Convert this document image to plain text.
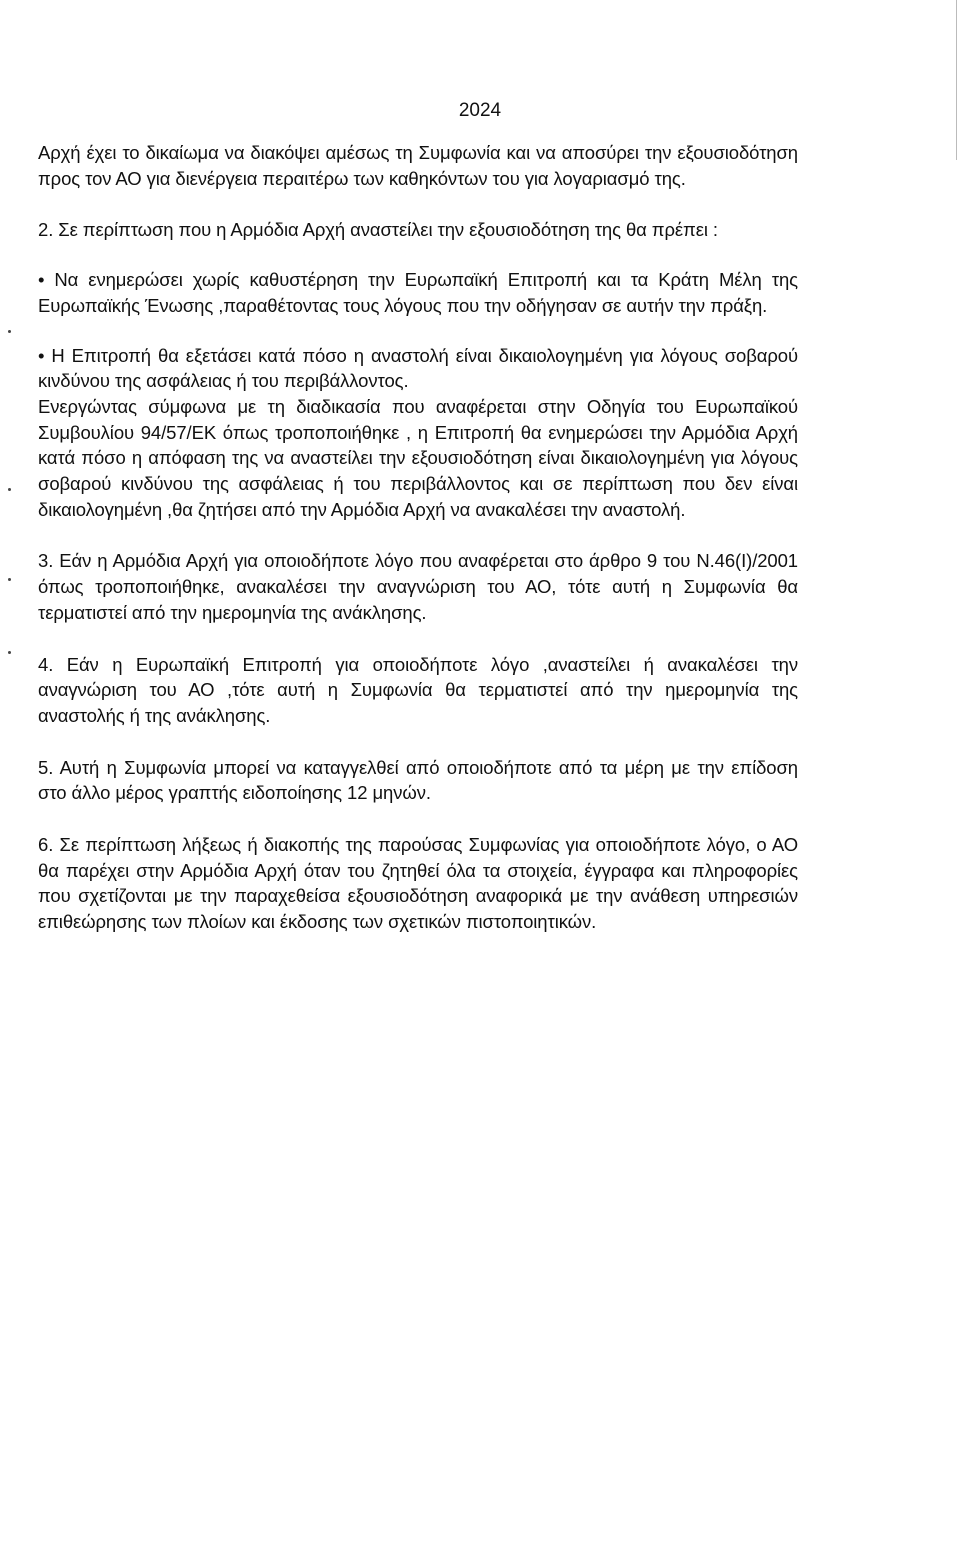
2024

Αρχή έχει το δικαίωμα να διακόψει αμέσως τη Συμφωνία και να αποσύρει την εξουσιοδότηση προς τον ΑΟ για διενέργεια περαιτέρω των καθηκόντων του για λογαριασμό της.

2. Σε περίπτωση που η Αρμόδια Αρχή αναστείλει την εξουσιοδότηση της θα πρέπει :

• Να ενημερώσει χωρίς καθυστέρηση την Ευρωπαϊκή Επιτροπή και τα Κράτη Μέλη της Ευρωπαϊκής Ένωσης ,παραθέτοντας τους λόγους που την οδήγησαν σε αυτήν την πράξη.

• Η Επιτροπή θα εξετάσει κατά πόσο η αναστολή είναι δικαιολογημένη για λόγους σοβαρού κινδύνου της ασφάλειας ή του περιβάλλοντος.

Ενεργώντας σύμφωνα με τη διαδικασία που αναφέρεται στην Οδηγία του Ευρωπαϊκού Συμβουλίου 94/57/ΕΚ όπως τροποποιήθηκε , η Επιτροπή θα ενημερώσει την Αρμόδια Αρχή κατά πόσο η απόφαση της να αναστείλει την εξουσιοδότηση είναι δικαιολογημένη για λόγους σοβαρού κινδύνου της ασφάλειας ή του περιβάλλοντος και σε περίπτωση που δεν είναι δικαιολογημένη ,θα ζητήσει από την Αρμόδια Αρχή να ανακαλέσει την αναστολή.

3. Εάν η Αρμόδια Αρχή για οποιοδήποτε λόγο που αναφέρεται στο άρθρο 9 του Ν.46(Ι)/2001 όπως τροποποιήθηκε, ανακαλέσει την αναγνώριση του ΑΟ, τότε αυτή η Συμφωνία θα τερματιστεί από την ημερομηνία της ανάκλησης.

4. Εάν η Ευρωπαϊκή Επιτροπή για οποιοδήποτε λόγο ,αναστείλει ή ανακαλέσει την αναγνώριση του ΑΟ ,τότε αυτή η Συμφωνία θα τερματιστεί από την ημερομηνία της αναστολής ή της ανάκλησης.

5. Αυτή η Συμφωνία μπορεί να καταγγελθεί από οποιοδήποτε από τα μέρη με την επίδοση στο άλλο μέρος γραπτής ειδοποίησης 12 μηνών.

6. Σε περίπτωση λήξεως ή διακοπής της παρούσας Συμφωνίας για οποιοδήποτε λόγο, ο ΑΟ θα παρέχει στην Αρμόδια Αρχή όταν του ζητηθεί όλα τα στοιχεία, έγγραφα και πληροφορίες που σχετίζονται με την παραχεθείσα εξουσιοδότηση αναφορικά με την ανάθεση υπηρεσιών επιθεώρησης των πλοίων και έκδοσης των σχετικών πιστοποιητικών.
